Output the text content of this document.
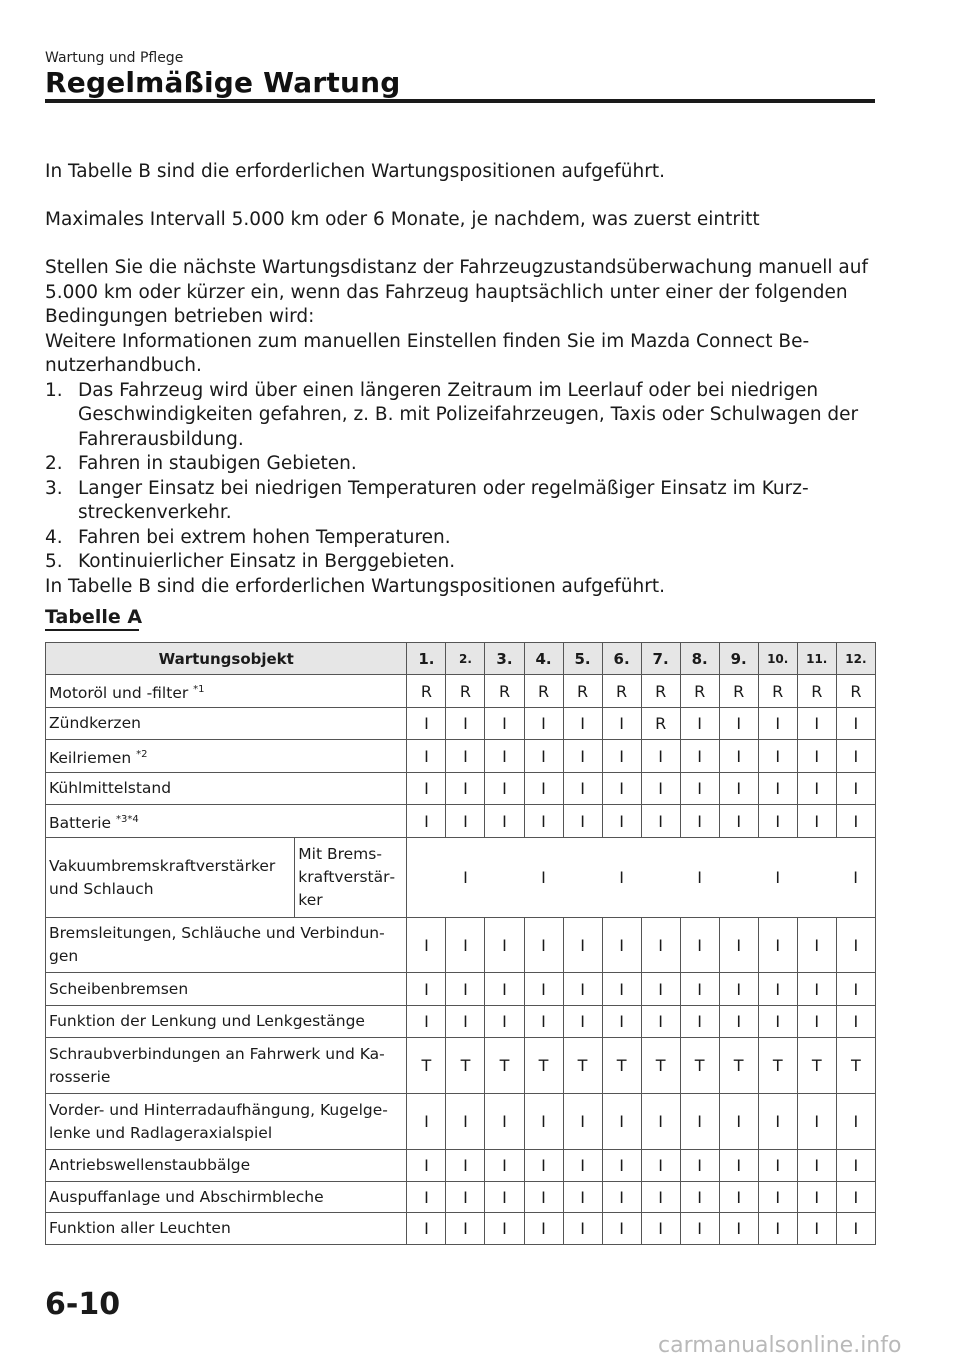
Wartung und Pflege

Regelmäßige Wartung

In Tabelle B sind die erforderlichen Wartungspositionen aufgeführt.

Maximales Intervall 5.000 km oder 6 Monate, je nachdem, was zuerst eintritt

Stellen Sie die nächste Wartungsdistanz der Fahrzeugzustandsüberwachung manuell auf 5.000 km oder kürzer ein, wenn das Fahrzeug hauptsächlich unter einer der folgenden Bedingungen betrieben wird:

Weitere Informationen zum manuellen Einstellen finden Sie im Mazda Connect Benutzerhandbuch.

1. Das Fahrzeug wird über einen längeren Zeitraum im Leerlauf oder bei niedrigen Geschwindigkeiten gefahren, z. B. mit Polizeifahrzeugen, Taxis oder Schulwagen der Fahrerausbildung.
2. Fahren in staubigen Gebieten.
3. Langer Einsatz bei niedrigen Temperaturen oder regelmäßiger Einsatz im Kurzstreckenverkehr.
4. Fahren bei extrem hohen Temperaturen.
5. Kontinuierlicher Einsatz in Berggebieten.

In Tabelle B sind die erforderlichen Wartungspositionen aufgeführt.

Tabelle A
Wartungsobjekt		1.	2.	3.	4.	5.	6.	7.	8.	9.	10.	11.	12.
Motoröl und -filter $^{*1}$		R	R	R	R	R	R	R	R	R	R	R	R
Zündkerzen		I	I	I	I	I	I	R	I	I	I	I	I
Keilriemen $^{*2}$		I	I	I	I	I	I	I	I	I	I	I	I
Kühlmittelstand		I	I	I	I	I	I	I	I	I	I	I	I
Batterie $^{*3*4}$		I	I	I	I	I	I	I	I	I	I	I	I
Vakuumbremskraftverstärker und Schlauch	Mit Bremskraftverstärker		I		I		I		I		I		I
Bremsleitungen, Schläuche und Verbindungen		I	I	I	I	I	I	I	I	I	I	I	I
Scheibenbremsen		I	I	I	I	I	I	I	I	I	I	I	I
Funktion der Lenkung und Lenkgestänge		I	I	I	I	I	I	I	I	I	I	I	I
Schraubverbindungen an Fahrwerk und Karosserie		T	T	T	T	T	T	T	T	T	T	T	T
Vorder- und Hinterradaufhängung, Kugelgelenke und Radlageraxialspiel		I	I	I	I	I	I	I	I	I	I	I	I
Antriebswellenstaubbälge		I	I	I	I	I	I	I	I	I	I	I	I
Auspuffanlage und Abschirmbleche		I	I	I	I	I	I	I	I	I	I	I	I
Funktion aller Leuchten		I	I	I	I	I	I	I	I	I	I	I	I
6-10
carmanualsonline.info
